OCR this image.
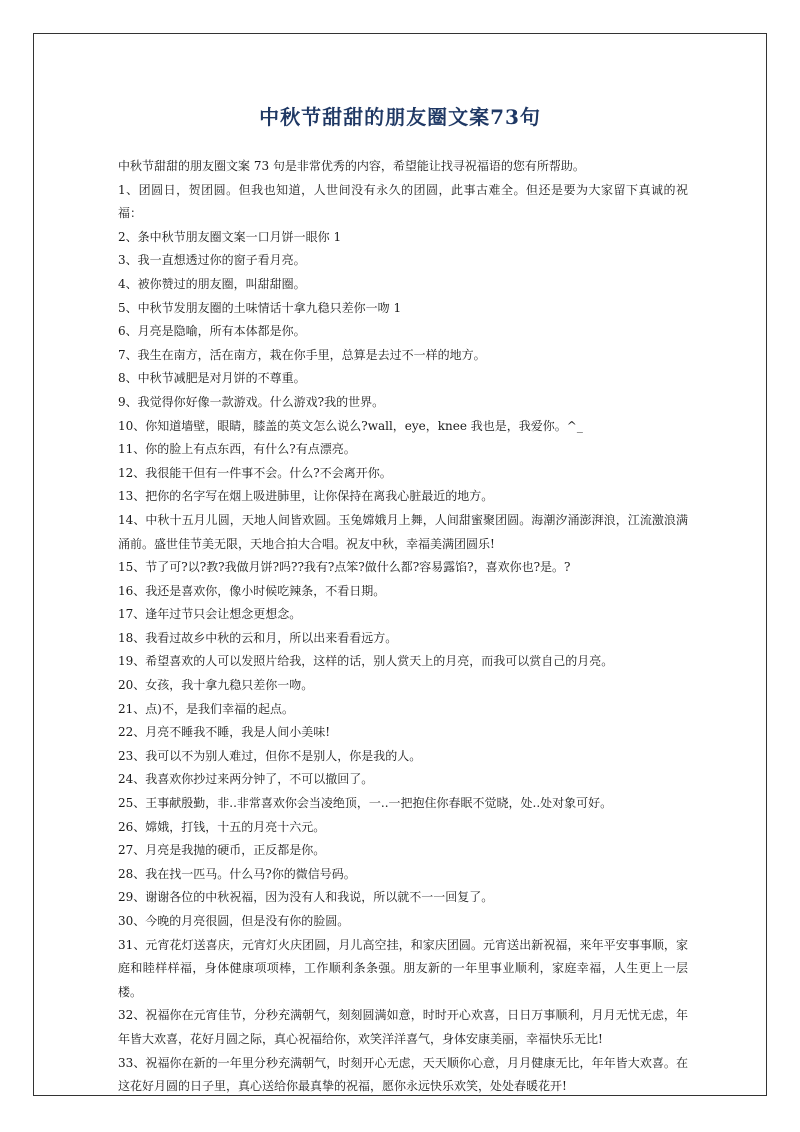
中秋节甜甜的朋友圈文案73句

中秋节甜甜的朋友圈文案 73 句是非常优秀的内容，希望能让找寻祝福语的您有所帮助。

1、团圆日，贺团圆。但我也知道，人世间没有永久的团圆，此事古难全。但还是要为大家留下真诚的祝福：

2、条中秋节朋友圈文案一口月饼一眼你 1

3、我一直想透过你的窗子看月亮。

4、被你赞过的朋友圈，叫甜甜圈。

5、中秋节发朋友圈的土味情话十拿九稳只差你一吻 1

6、月亮是隐喻，所有本体都是你。

7、我生在南方，活在南方，栽在你手里，总算是去过不一样的地方。

8、中秋节减肥是对月饼的不尊重。

9、我觉得你好像一款游戏。什么游戏?我的世界。

10、你知道墙壁，眼睛，膝盖的英文怎么说么?wall，eye，knee 我也是，我爱你。^_

11、你的脸上有点东西，有什么?有点漂亮。

12、我很能干但有一件事不会。什么?不会离开你。

13、把你的名字写在烟上吸进肺里，让你保持在离我心脏最近的地方。

14、中秋十五月儿圆，天地人间皆欢圆。玉兔嫦娥月上舞，人间甜蜜聚团圆。海潮汐涌澎湃浪，江流激浪满涌前。盛世佳节美无限，天地合拍大合唱。祝友中秋，幸福美满团圆乐!

15、节了可?以?教?我做月饼?吗??我有?点笨?做什么都?容易露馅?，喜欢你也?是。?

16、我还是喜欢你，像小时候吃辣条，不看日期。

17、逢年过节只会让想念更想念。

18、我看过故乡中秋的云和月，所以出来看看远方。

19、希望喜欢的人可以发照片给我，这样的话，别人赏天上的月亮，而我可以赏自己的月亮。

20、女孩，我十拿九稳只差你一吻。

21、点)不，是我们幸福的起点。

22、月亮不睡我不睡，我是人间小美味!

23、我可以不为别人难过，但你不是别人，你是我的人。

24、我喜欢你抄过来两分钟了，不可以撤回了。

25、王事献殷勤，非..非常喜欢你会当凌绝顶，一..一把抱住你春眠不觉晓，处..处对象可好。

26、嫦娥，打钱，十五的月亮十六元。

27、月亮是我抛的硬币，正反都是你。

28、我在找一匹马。什么马?你的微信号码。

29、谢谢各位的中秋祝福，因为没有人和我说，所以就不一一回复了。

30、今晚的月亮很圆，但是没有你的脸圆。

31、元宵花灯送喜庆，元宵灯火庆团圆，月儿高空挂，和家庆团圆。元宵送出新祝福，来年平安事事顺，家庭和睦样样福，身体健康项项棒，工作顺利条条强。朋友新的一年里事业顺利，家庭幸福，人生更上一层楼。

32、祝福你在元宵佳节，分秒充满朝气，刻刻圆满如意，时时开心欢喜，日日万事顺利，月月无忧无虑，年年皆大欢喜，花好月圆之际，真心祝福给你，欢笑洋洋喜气，身体安康美丽，幸福快乐无比!

33、祝福你在新的一年里分秒充满朝气，时刻开心无虑，天天顺你心意，月月健康无比，年年皆大欢喜。在这花好月圆的日子里，真心送给你最真挚的祝福，愿你永远快乐欢笑，处处春暖花开!
